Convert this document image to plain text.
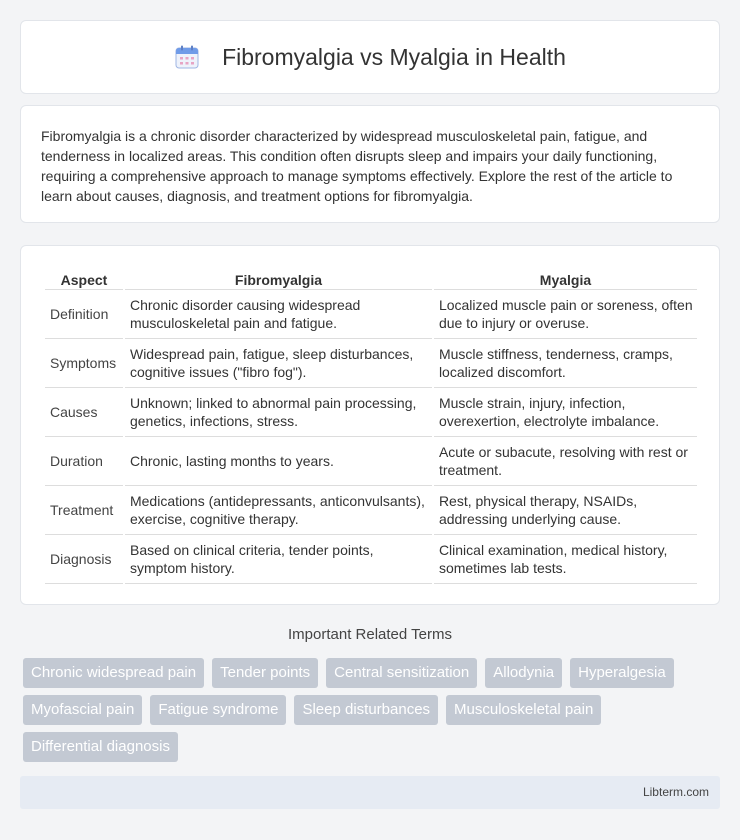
Fibromyalgia vs Myalgia in Health

Fibromyalgia is a chronic disorder characterized by widespread musculoskeletal pain, fatigue, and tenderness in localized areas. This condition often disrupts sleep and impairs your daily functioning, requiring a comprehensive approach to manage symptoms effectively. Explore the rest of the article to learn about causes, diagnosis, and treatment options for fibromyalgia.

Aspect	Fibromyalgia	Myalgia
Definition	Chronic disorder causing widespread musculoskeletal pain and fatigue.	Localized muscle pain or soreness, often due to injury or overuse.
Symptoms	Widespread pain, fatigue, sleep disturbances, cognitive issues ("fibro fog").	Muscle stiffness, tenderness, cramps, localized discomfort.
Causes	Unknown; linked to abnormal pain processing, genetics, infections, stress.	Muscle strain, injury, infection, overexertion, electrolyte imbalance.
Duration	Chronic, lasting months to years.	Acute or subacute, resolving with rest or treatment.
Treatment	Medications (antidepressants, anticonvulsants), exercise, cognitive therapy.	Rest, physical therapy, NSAIDs, addressing underlying cause.
Diagnosis	Based on clinical criteria, tender points, symptom history.	Clinical examination, medical history, sometimes lab tests.
Important Related Terms
Chronic widespread pain	Tender points	Central sensitization	Allodynia	Hyperalgesia
Myofascial pain	Fatigue syndrome	Sleep disturbances	Musculoskeletal pain
Differential diagnosis
Libterm.com
